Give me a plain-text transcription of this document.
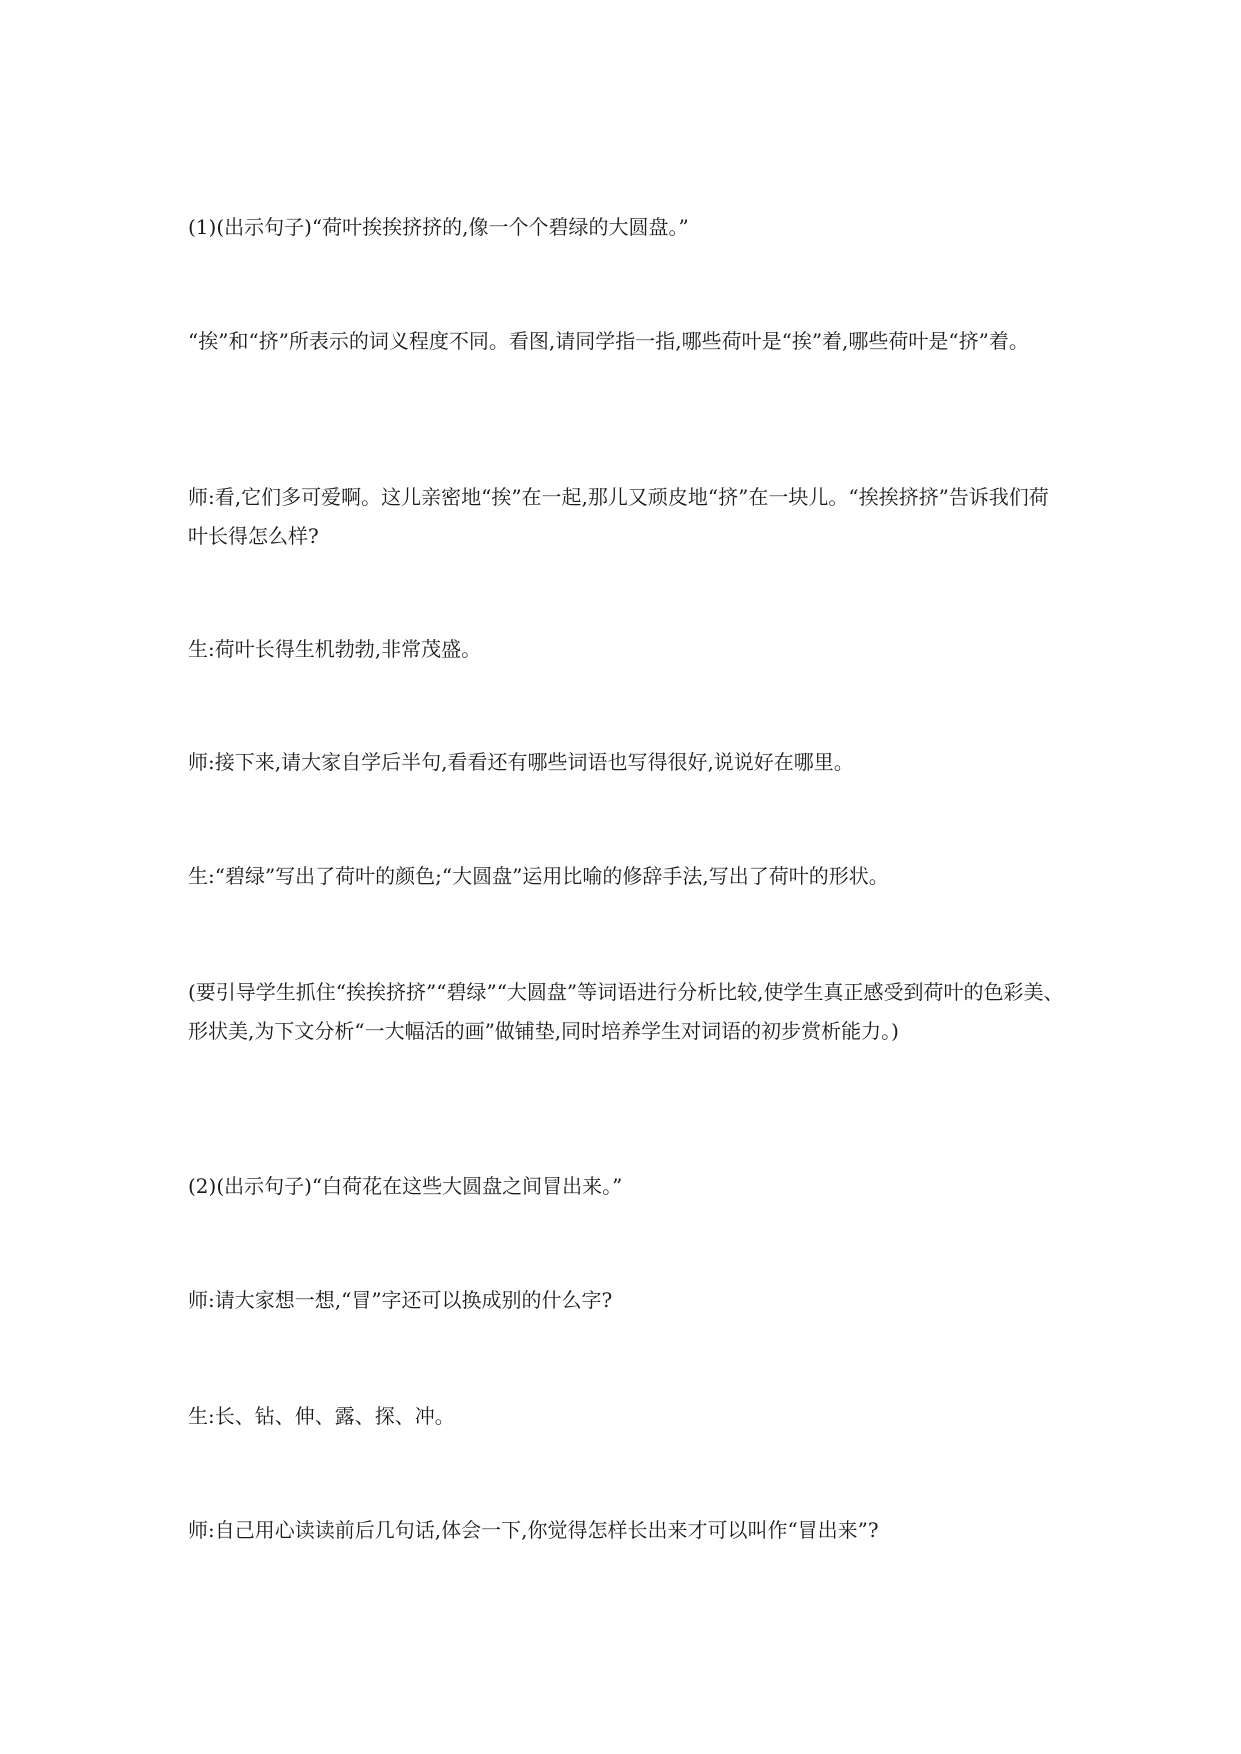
(1)(出示句子)“荷叶挨挨挤挤的,像一个个碧绿的大圆盘。”

“挨”和“挤”所表示的词义程度不同。看图,请同学指一指,哪些荷叶是“挨”着,哪些荷叶是“挤”着。

师:看,它们多可爱啊。这儿亲密地“挨”在一起,那儿又顽皮地“挤”在一块儿。“挨挨挤挤”告诉我们荷叶长得怎么样?

生:荷叶长得生机勃勃,非常茂盛。

师:接下来,请大家自学后半句,看看还有哪些词语也写得很好,说说好在哪里。

生:“碧绿”写出了荷叶的颜色;“大圆盘”运用比喻的修辞手法,写出了荷叶的形状。

(要引导学生抓住“挨挨挤挤”“碧绿”“大圆盘”等词语进行分析比较,使学生真正感受到荷叶的色彩美、形状美,为下文分析“一大幅活的画”做铺垫,同时培养学生对词语的初步赏析能力。)

(2)(出示句子)“白荷花在这些大圆盘之间冒出来。”

师:请大家想一想,“冒”字还可以换成别的什么字?

生:长、钻、伸、露、探、冲。

师:自己用心读读前后几句话,体会一下,你觉得怎样长出来才可以叫作“冒出来”?
